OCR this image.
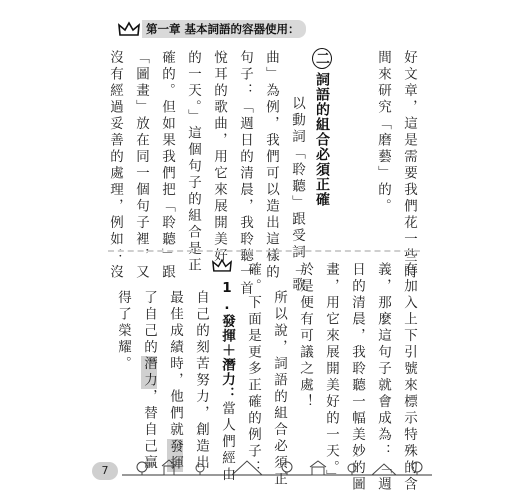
第一章 基本詞語的容器使用：
好文章，這是需要我們花一些時
間來研究「磨藝」的。
二詞語的組合必須正確
以動詞「聆聽」跟受詞「歌
曲」為例，我們可以造出這樣的
句子：「週日的清晨，我聆聽一首
悅耳的歌曲，用它來展開美好
的一天。」這個句子的組合是正
確的。但如果我們把「聆聽」跟
「圖畫」放在同一個句子裡，又
沒有經過妥善的處理，例如：沒
有加入上下引號來標示特殊的含
義，那麼這句子就會成為：「週
日的清晨，我聆聽一幅美妙的圖
畫，用它來展開美好的一天。」
於是便有可議之處！
所以說，詞語的組合必須正
確。下面是更多正確的例子：
1.發揮＋潛力：當人們經由
自己的刻苦努力，創造出
最佳成績時，他們就發揮
了自己的潛力，替自己贏
得了榮耀。
7
